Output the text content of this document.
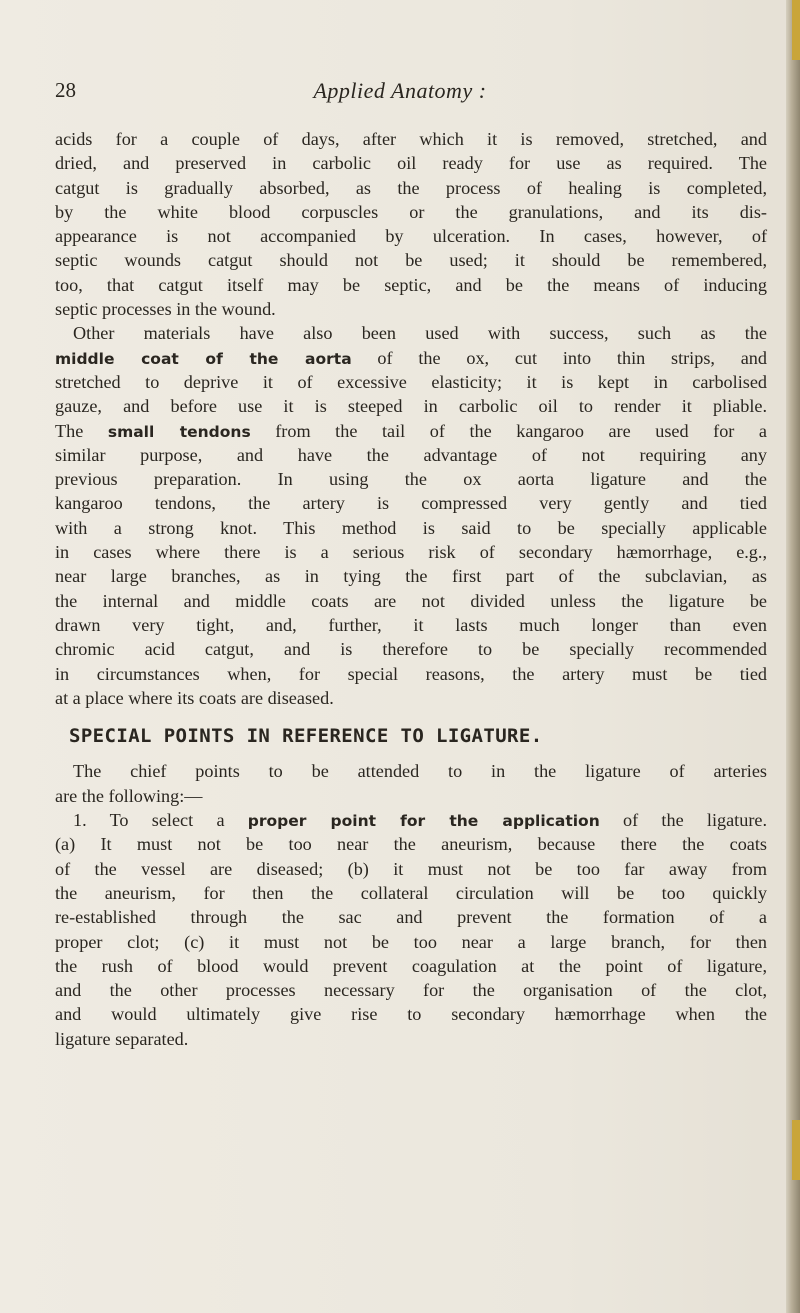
28	Applied Anatomy :
acids for a couple of days, after which it is removed, stretched, and
dried, and preserved in carbolic oil ready for use as required. The
catgut is gradually absorbed, as the process of healing is completed,
by the white blood corpuscles or the granulations, and its dis-
appearance is not accompanied by ulceration. In cases, however, of
septic wounds catgut should not be used; it should be remembered,
too, that catgut itself may be septic, and be the means of inducing
septic processes in the wound.
Other materials have also been used with success, such as the
middle coat of the aorta of the ox, cut into thin strips, and
stretched to deprive it of excessive elasticity; it is kept in carbolised
gauze, and before use it is steeped in carbolic oil to render it pliable.
The small tendons from the tail of the kangaroo are used for a
similar purpose, and have the advantage of not requiring any
previous preparation. In using the ox aorta ligature and the
kangaroo tendons, the artery is compressed very gently and tied
with a strong knot. This method is said to be specially applicable
in cases where there is a serious risk of secondary hæmorrhage, e.g.,
near large branches, as in tying the first part of the subclavian, as
the internal and middle coats are not divided unless the ligature be
drawn very tight, and, further, it lasts much longer than even
chromic acid catgut, and is therefore to be specially recommended
in circumstances when, for special reasons, the artery must be tied
at a place where its coats are diseased.
SPECIAL POINTS IN REFERENCE TO LIGATURE.
The chief points to be attended to in the ligature of arteries
are the following:—
1. To select a proper point for the application of the ligature.
(a) It must not be too near the aneurism, because there the coats
of the vessel are diseased; (b) it must not be too far away from
the aneurism, for then the collateral circulation will be too quickly
re-established through the sac and prevent the formation of a
proper clot; (c) it must not be too near a large branch, for then
the rush of blood would prevent coagulation at the point of ligature,
and the other processes necessary for the organisation of the clot,
and would ultimately give rise to secondary hæmorrhage when the
ligature separated.
